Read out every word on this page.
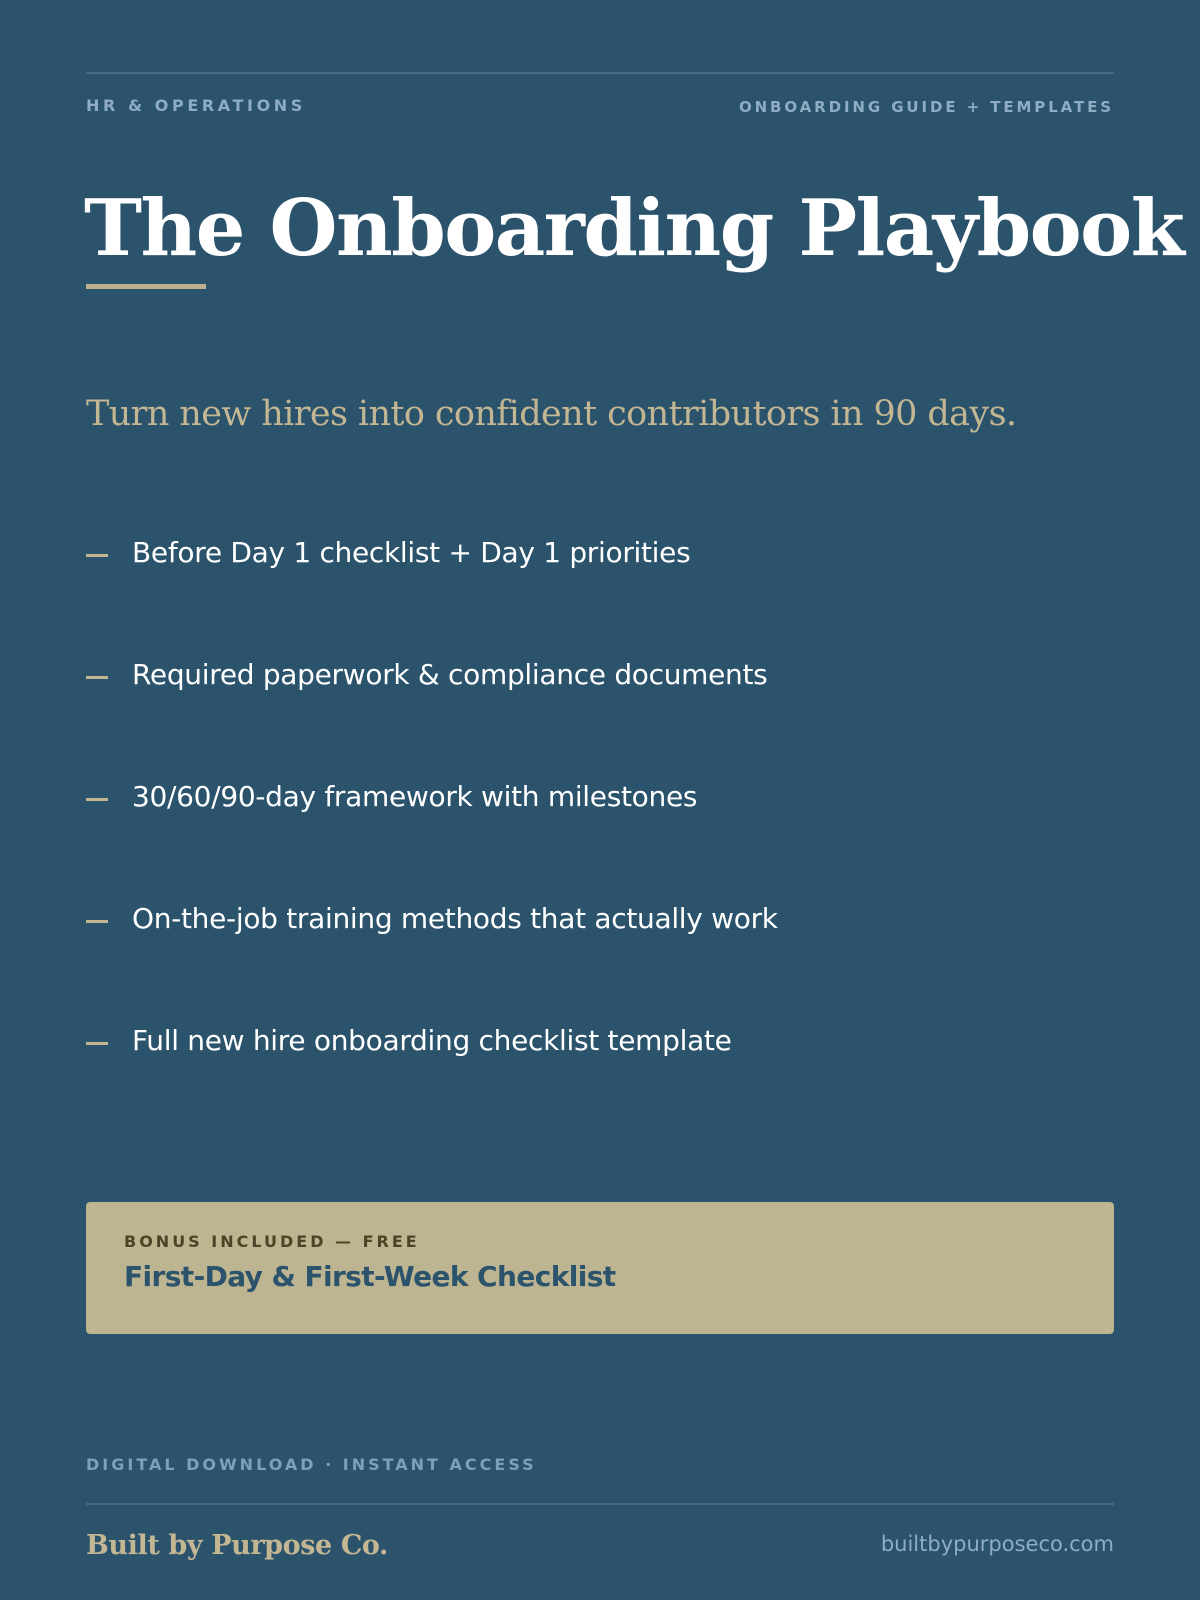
HR & OPERATIONS	ONBOARDING GUIDE + TEMPLATES
The Onboarding Playbook
Turn new hires into confident contributors in 90 days.
Before Day 1 checklist + Day 1 priorities
Required paperwork & compliance documents
30/60/90-day framework with milestones
On-the-job training methods that actually work
Full new hire onboarding checklist template
BONUS INCLUDED — FREE
First-Day & First-Week Checklist
DIGITAL DOWNLOAD · INSTANT ACCESS
Built by Purpose Co.	builtbypurposeco.com
